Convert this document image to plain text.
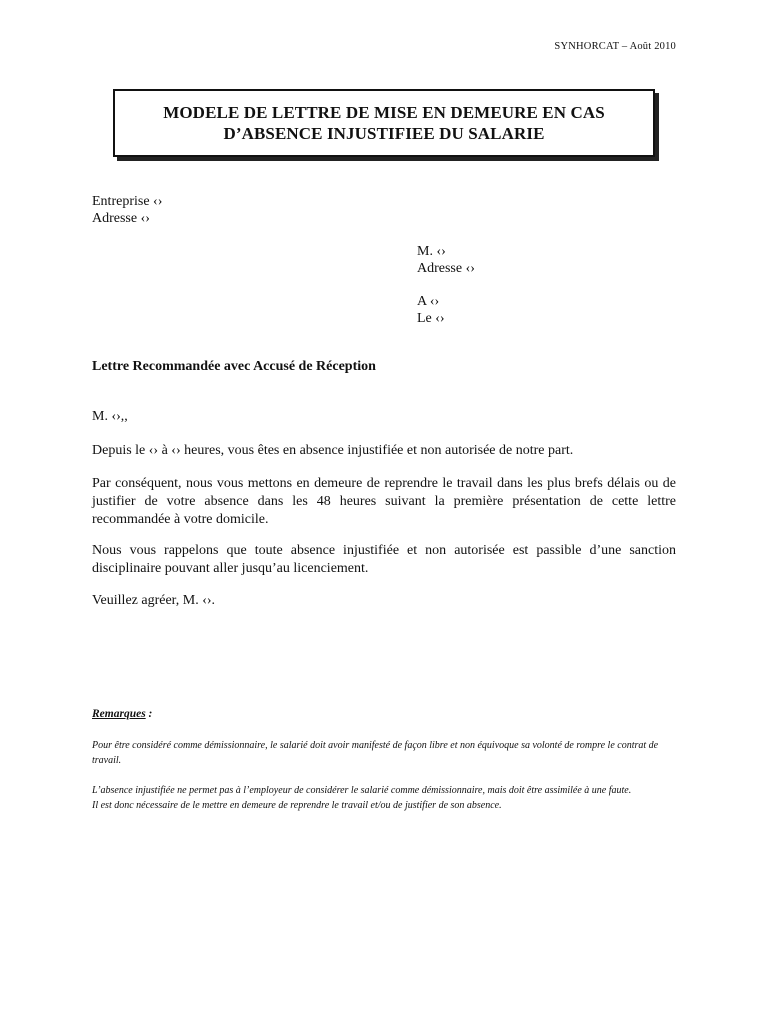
SYNHORCAT – Août 2010
MODELE DE LETTRE DE MISE EN DEMEURE EN CAS
D’ABSENCE INJUSTIFIEE DU SALARIE
Entreprise ‹›
Adresse ‹›
M. ‹›
Adresse ‹›
A ‹›
Le ‹›
Lettre Recommandée avec Accusé de Réception
M. ‹›,,
Depuis le ‹› à ‹› heures, vous êtes en absence injustifiée et non autorisée de notre part.
Par conséquent, nous vous mettons en demeure de reprendre le travail dans les plus brefs délais ou de justifier de votre absence dans les 48 heures suivant la première présentation de cette lettre recommandée à votre domicile.
Nous vous rappelons que toute absence injustifiée et non autorisée est passible d’une sanction disciplinaire pouvant aller jusqu’au licenciement.
Veuillez agréer, M. ‹›.
Remarques :
Pour être considéré comme démissionnaire, le salarié doit avoir manifesté de façon libre et non équivoque sa volonté de rompre le contrat de travail.
L’absence injustifiée ne permet pas à l’employeur de considérer le salarié comme démissionnaire, mais doit être assimilée à une faute.
Il est donc nécessaire de le mettre en demeure de reprendre le travail et/ou de justifier de son absence.
